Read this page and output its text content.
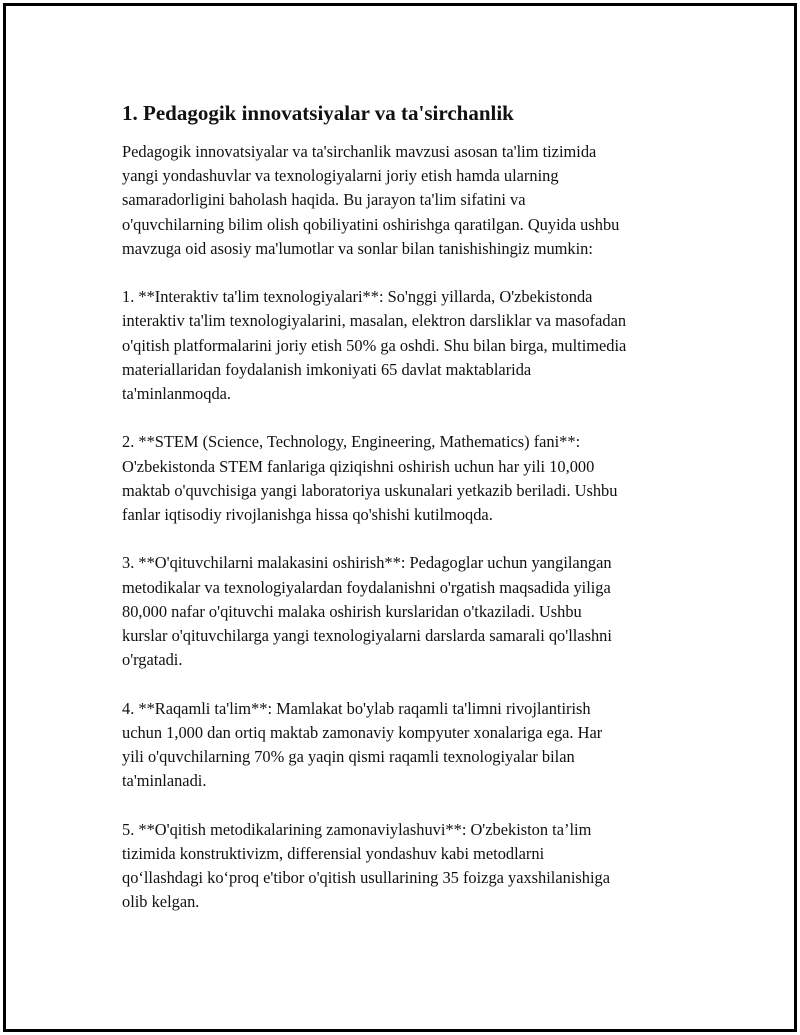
1. Pedagogik innovatsiyalar va ta'sirchanlik

Pedagogik innovatsiyalar va ta'sirchanlik mavzusi asosan ta'lim tizimida
yangi yondashuvlar va texnologiyalarni joriy etish hamda ularning
samaradorligini baholash haqida. Bu jarayon ta'lim sifatini va
o'quvchilarning bilim olish qobiliyatini oshirishga qaratilgan. Quyida ushbu
mavzuga oid asosiy ma'lumotlar va sonlar bilan tanishishingiz mumkin:

1. **Interaktiv ta'lim texnologiyalari**: So'nggi yillarda, O'zbekistonda
interaktiv ta'lim texnologiyalarini, masalan, elektron darsliklar va masofadan
o'qitish platformalarini joriy etish 50% ga oshdi. Shu bilan birga, multimedia
materiallaridan foydalanish imkoniyati 65 davlat maktablarida
ta'minlanmoqda.

2. **STEM (Science, Technology, Engineering, Mathematics) fani**:
O'zbekistonda STEM fanlariga qiziqishni oshirish uchun har yili 10,000
maktab o'quvchisiga yangi laboratoriya uskunalari yetkazib beriladi. Ushbu
fanlar iqtisodiy rivojlanishga hissa qo'shishi kutilmoqda.

3. **O'qituvchilarni malakasini oshirish**: Pedagoglar uchun yangilangan
metodikalar va texnologiyalardan foydalanishni o'rgatish maqsadida yiliga
80,000 nafar o'qituvchi malaka oshirish kurslaridan o'tkaziladi. Ushbu
kurslar o'qituvchilarga yangi texnologiyalarni darslarda samarali qo'llashni
o'rgatadi.

4. **Raqamli ta'lim**: Mamlakat bo'ylab raqamli ta'limni rivojlantirish
uchun 1,000 dan ortiq maktab zamonaviy kompyuter xonalariga ega. Har
yili o'quvchilarning 70% ga yaqin qismi raqamli texnologiyalar bilan
ta'minlanadi.

5. **O'qitish metodikalarining zamonaviylashuvi**: O'zbekiston ta’lim
tizimida konstruktivizm, differensial yondashuv kabi metodlarni
qo‘llashdagi ko‘proq e'tibor o'qitish usullarining 35 foizga yaxshilanishiga
olib kelgan.
